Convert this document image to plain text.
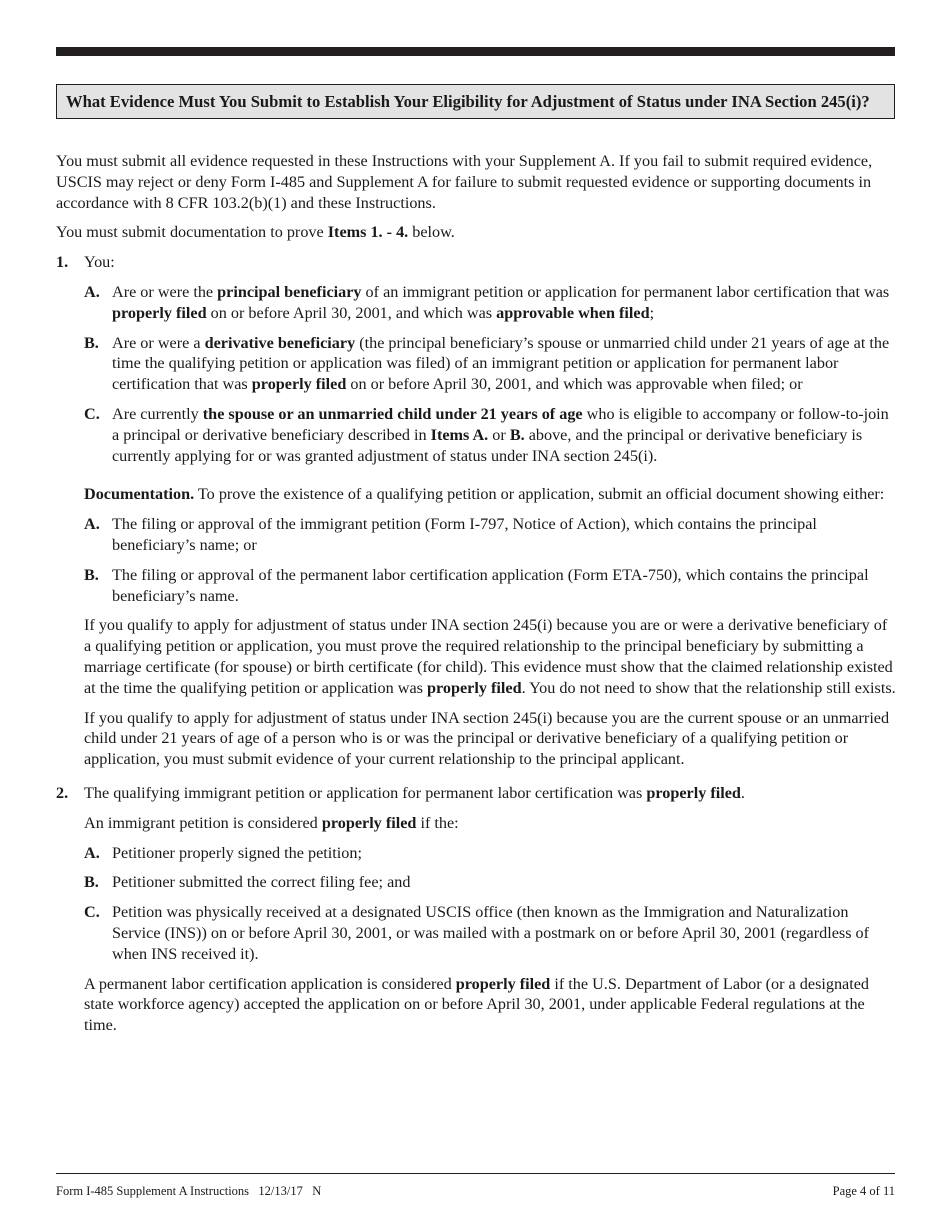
What Evidence Must You Submit to Establish Your Eligibility for Adjustment of Status under INA Section 245(i)?

You must submit all evidence requested in these Instructions with your Supplement A. If you fail to submit required evidence, USCIS may reject or deny Form I-485 and Supplement A for failure to submit requested evidence or supporting documents in accordance with 8 CFR 103.2(b)(1) and these Instructions.

You must submit documentation to prove Items 1. - 4. below.

1. You:
A. Are or were the principal beneficiary of an immigrant petition or application for permanent labor certification that was properly filed on or before April 30, 2001, and which was approvable when filed;
B. Are or were a derivative beneficiary (the principal beneficiary’s spouse or unmarried child under 21 years of age at the time the qualifying petition or application was filed) of an immigrant petition or application for permanent labor certification that was properly filed on or before April 30, 2001, and which was approvable when filed; or
C. Are currently the spouse or an unmarried child under 21 years of age who is eligible to accompany or follow-to-join a principal or derivative beneficiary described in Items A. or B. above, and the principal or derivative beneficiary is currently applying for or was granted adjustment of status under INA section 245(i).

Documentation. To prove the existence of a qualifying petition or application, submit an official document showing either:

A. The filing or approval of the immigrant petition (Form I-797, Notice of Action), which contains the principal beneficiary’s name; or
B. The filing or approval of the permanent labor certification application (Form ETA-750), which contains the principal beneficiary’s name.

If you qualify to apply for adjustment of status under INA section 245(i) because you are or were a derivative beneficiary of a qualifying petition or application, you must prove the required relationship to the principal beneficiary by submitting a marriage certificate (for spouse) or birth certificate (for child). This evidence must show that the claimed relationship existed at the time the qualifying petition or application was properly filed. You do not need to show that the relationship still exists.

If you qualify to apply for adjustment of status under INA section 245(i) because you are the current spouse or an unmarried child under 21 years of age of a person who is or was the principal or derivative beneficiary of a qualifying petition or application, you must submit evidence of your current relationship to the principal applicant.

2. The qualifying immigrant petition or application for permanent labor certification was properly filed.

An immigrant petition is considered properly filed if the:

A. Petitioner properly signed the petition;
B. Petitioner submitted the correct filing fee; and
C. Petition was physically received at a designated USCIS office (then known as the Immigration and Naturalization Service (INS)) on or before April 30, 2001, or was mailed with a postmark on or before April 30, 2001 (regardless of when INS received it).

A permanent labor certification application is considered properly filed if the U.S. Department of Labor (or a designated state workforce agency) accepted the application on or before April 30, 2001, under applicable Federal regulations at the time.

Form I-485 Supplement A Instructions   12/13/17   N	Page 4 of 11
